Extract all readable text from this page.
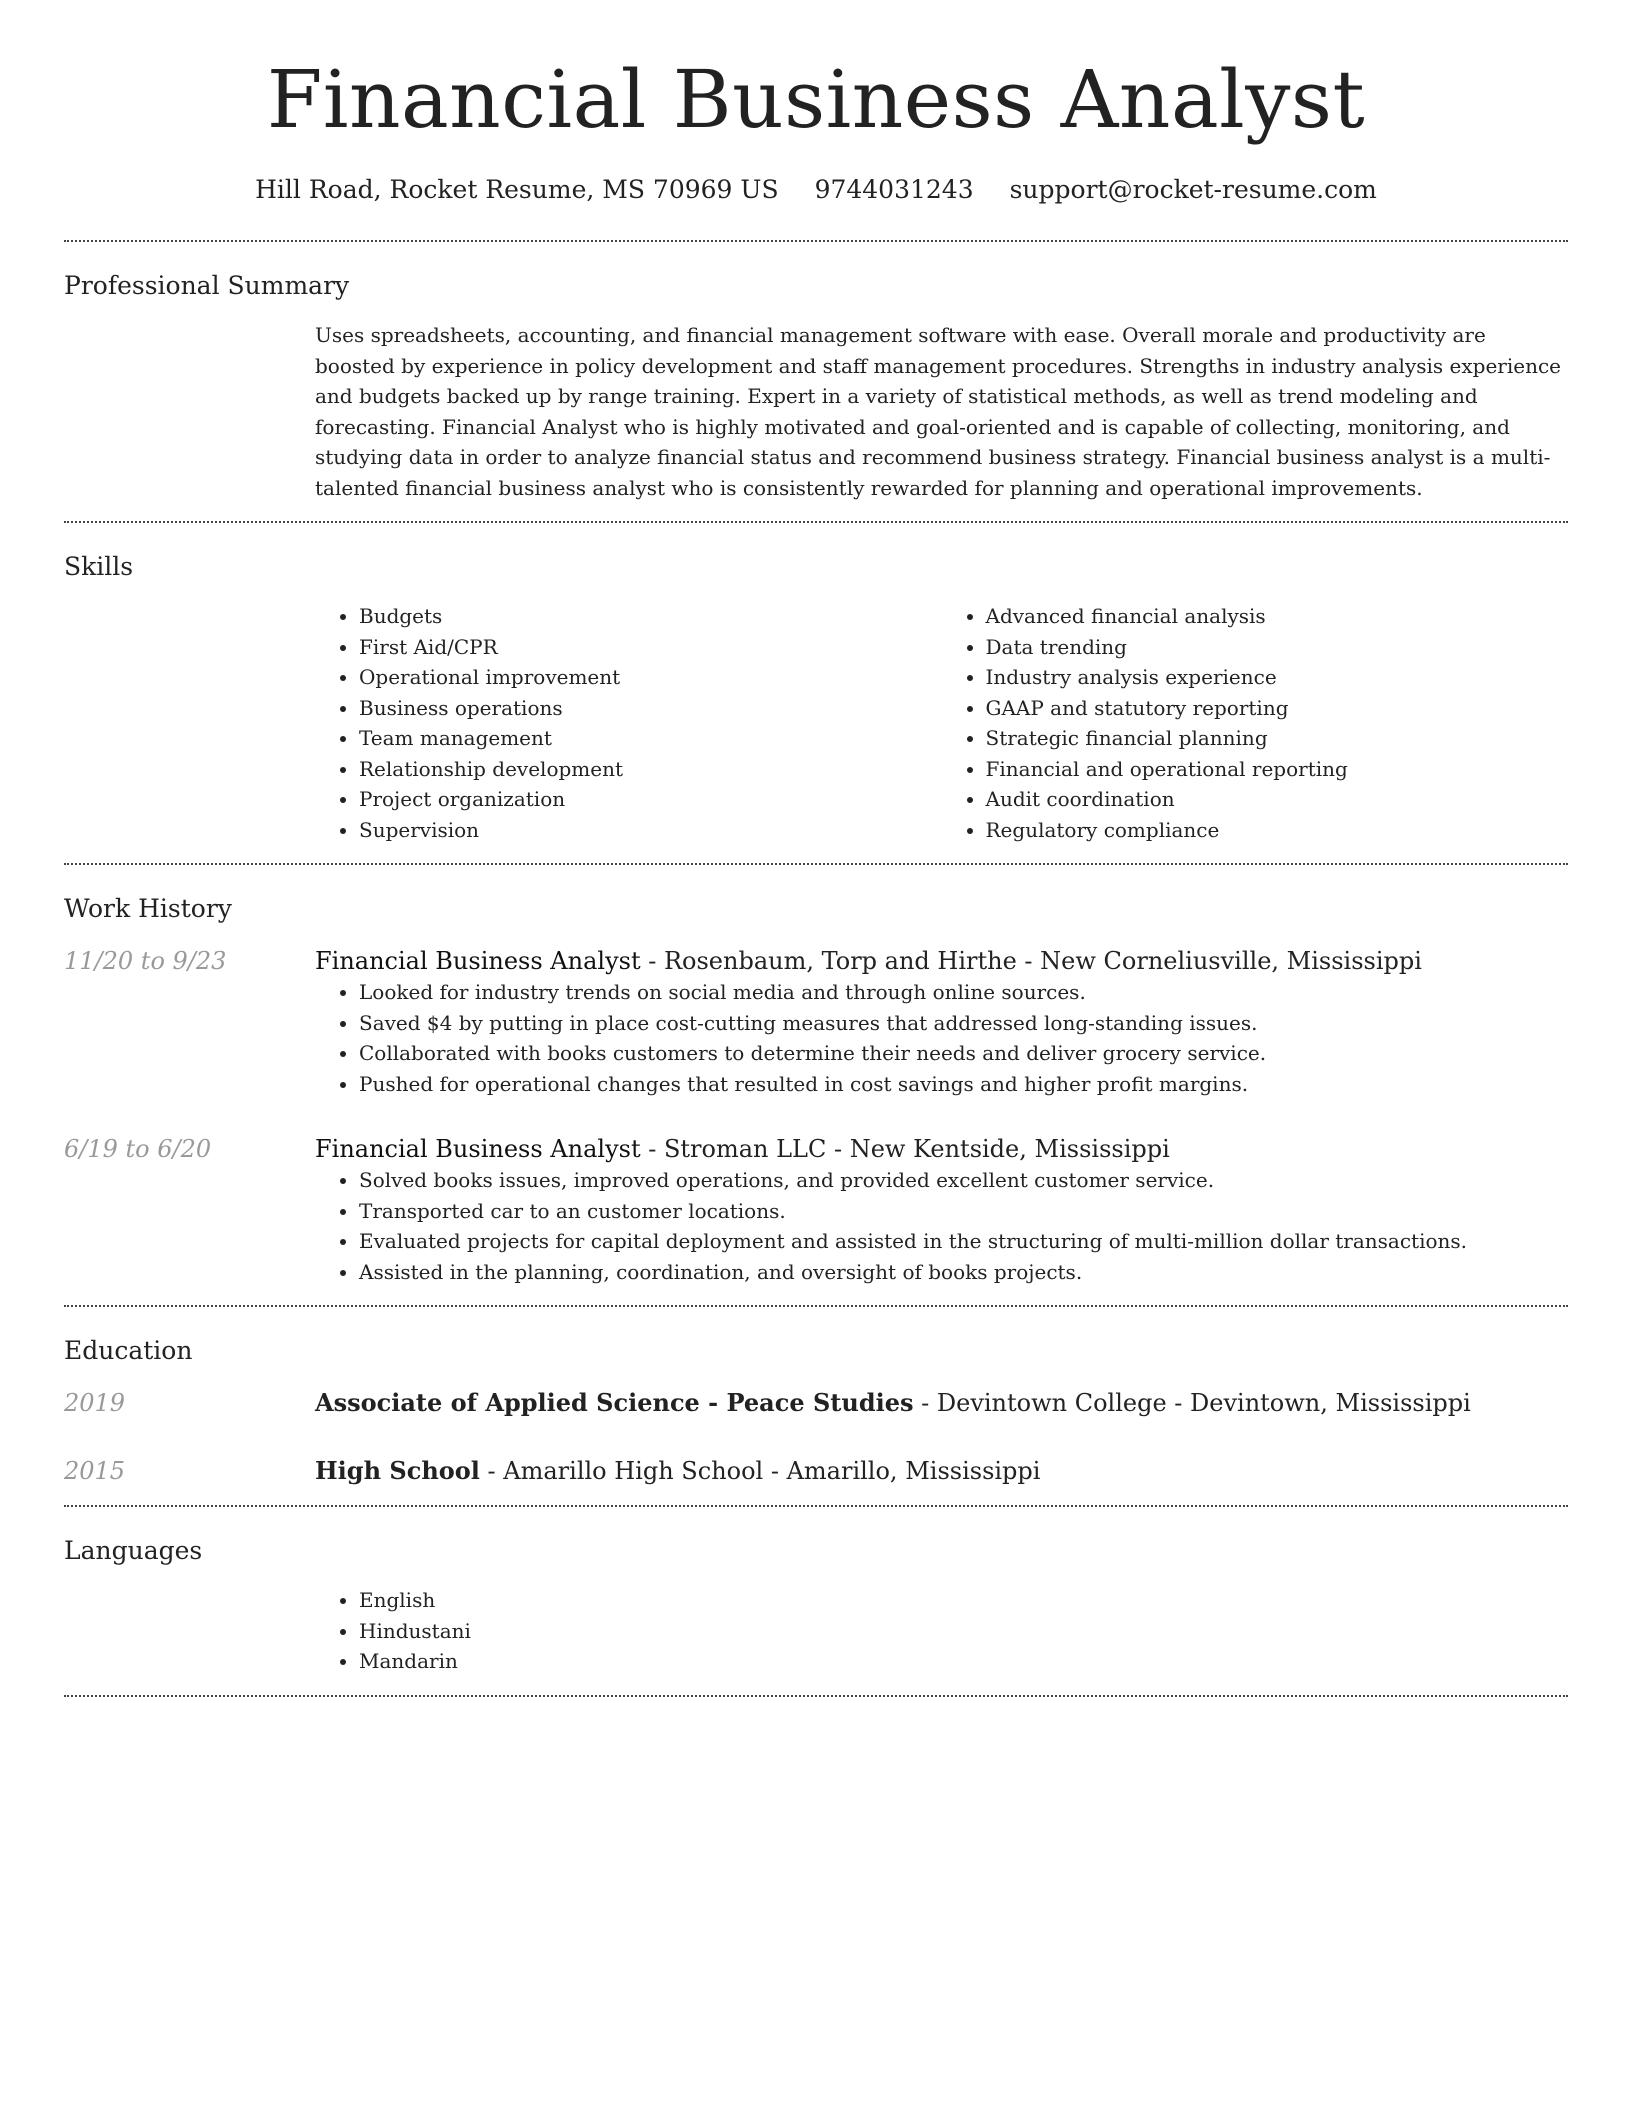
Financial Business Analyst
Hill Road, Rocket Resume, MS 70969 US 9744031243 support@rocket-resume.com
Professional Summary

Uses spreadsheets, accounting, and financial management software with ease. Overall morale and productivity are boosted by experience in policy development and staff management procedures. Strengths in industry analysis experience and budgets backed up by range training. Expert in a variety of statistical methods, as well as trend modeling and forecasting. Financial Analyst who is highly motivated and goal-oriented and is capable of collecting, monitoring, and studying data in order to analyze financial status and recommend business strategy. Financial business analyst is a multi-talented financial business analyst who is consistently rewarded for planning and operational improvements.

Skills
• Budgets
• First Aid/CPR
• Operational improvement
• Business operations
• Team management
• Relationship development
• Project organization
• Supervision
• Advanced financial analysis
• Data trending
• Industry analysis experience
• GAAP and statutory reporting
• Strategic financial planning
• Financial and operational reporting
• Audit coordination
• Regulatory compliance
Work History
11/20 to 9/23	Financial Business Analyst - Rosenbaum, Torp and Hirthe - New Corneliusville, Mississippi
• Looked for industry trends on social media and through online sources.
• Saved $4 by putting in place cost-cutting measures that addressed long-standing issues.
• Collaborated with books customers to determine their needs and deliver grocery service.
• Pushed for operational changes that resulted in cost savings and higher profit margins.
6/19 to 6/20	Financial Business Analyst - Stroman LLC - New Kentside, Mississippi
• Solved books issues, improved operations, and provided excellent customer service.
• Transported car to an customer locations.
• Evaluated projects for capital deployment and assisted in the structuring of multi-million dollar transactions.
• Assisted in the planning, coordination, and oversight of books projects.
Education
2019	Associate of Applied Science - Peace Studies - Devintown College - Devintown, Mississippi
2015	High School - Amarillo High School - Amarillo, Mississippi
Languages
• English
• Hindustani
• Mandarin
